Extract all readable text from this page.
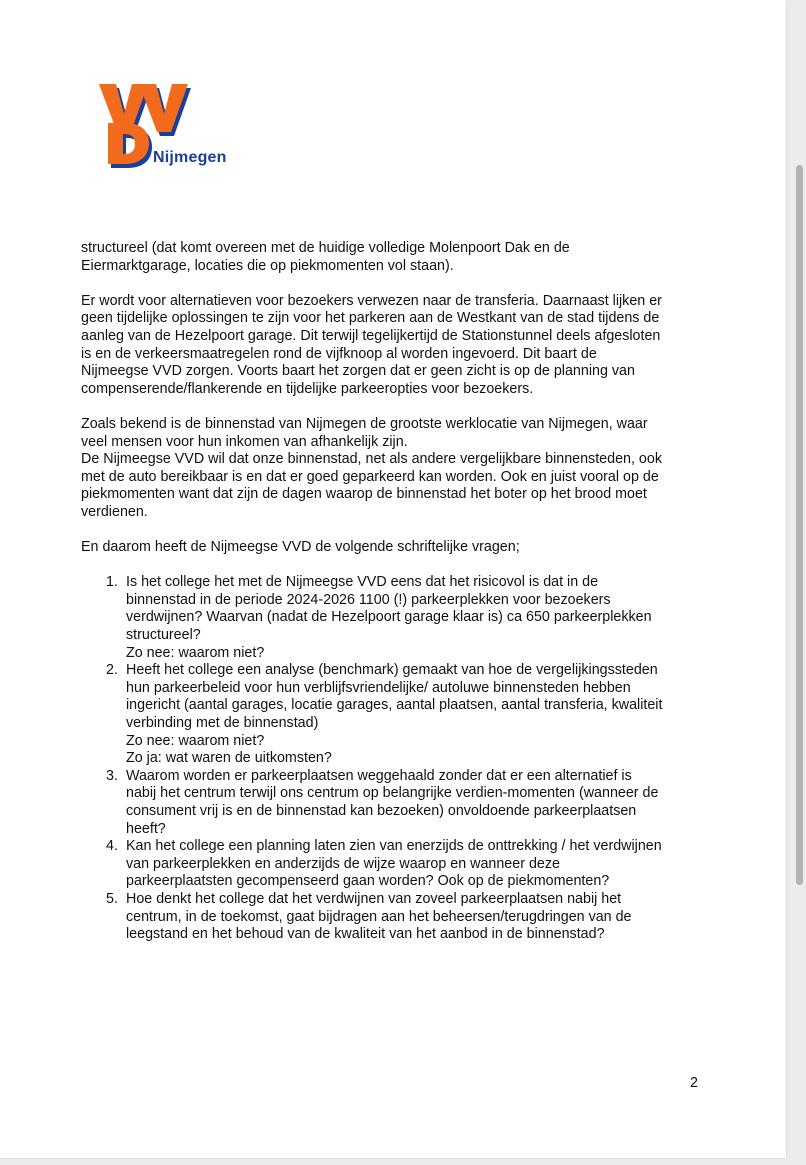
Nijmegen

structureel (dat komt overeen met de huidige volledige Molenpoort Dak en de
Eiermarktgarage, locaties die op piekmomenten vol staan).

Er wordt voor alternatieven voor bezoekers verwezen naar de transferia. Daarnaast lijken er
geen tijdelijke oplossingen te zijn voor het parkeren aan de Westkant van de stad tijdens de
aanleg van de Hezelpoort garage. Dit terwijl tegelijkertijd de Stationstunnel deels afgesloten
is en de verkeersmaatregelen rond de vijfknoop al worden ingevoerd. Dit baart de
Nijmeegse VVD zorgen. Voorts baart het zorgen dat er geen zicht is op de planning van
compenserende/flankerende en tijdelijke parkeeropties voor bezoekers.

Zoals bekend is de binnenstad van Nijmegen de grootste werklocatie van Nijmegen, waar
veel mensen voor hun inkomen van afhankelijk zijn.

De Nijmeegse VVD wil dat onze binnenstad, net als andere vergelijkbare binnensteden, ook
met de auto bereikbaar is en dat er goed geparkeerd kan worden. Ook en juist vooral op de
piekmomenten want dat zijn de dagen waarop de binnenstad het boter op het brood moet
verdienen.

En daarom heeft de Nijmeegse VVD de volgende schriftelijke vragen;

1. Is het college het met de Nijmeegse VVD eens dat het risicovol is dat in de
binnenstad in de periode 2024-2026 1100 (!) parkeerplekken voor bezoekers
verdwijnen? Waarvan (nadat de Hezelpoort garage klaar is) ca 650 parkeerplekken
structureel?
Zo nee: waarom niet?
2. Heeft het college een analyse (benchmark) gemaakt van hoe de vergelijkingssteden
hun parkeerbeleid voor hun verblijfsvriendelijke/ autoluwe binnensteden hebben
ingericht (aantal garages, locatie garages, aantal plaatsen, aantal transferia, kwaliteit
verbinding met de binnenstad)
Zo nee: waarom niet?
Zo ja: wat waren de uitkomsten?
3. Waarom worden er parkeerplaatsen weggehaald zonder dat er een alternatief is
nabij het centrum terwijl ons centrum op belangrijke verdien-momenten (wanneer de
consument vrij is en de binnenstad kan bezoeken) onvoldoende parkeerplaatsen
heeft?
4. Kan het college een planning laten zien van enerzijds de onttrekking / het verdwijnen
van parkeerplekken en anderzijds de wijze waarop en wanneer deze
parkeerplaatsten gecompenseerd gaan worden? Ook op de piekmomenten?
5. Hoe denkt het college dat het verdwijnen van zoveel parkeerplaatsen nabij het
centrum, in de toekomst, gaat bijdragen aan het beheersen/terugdringen van de
leegstand en het behoud van de kwaliteit van het aanbod in de binnenstad?
2
